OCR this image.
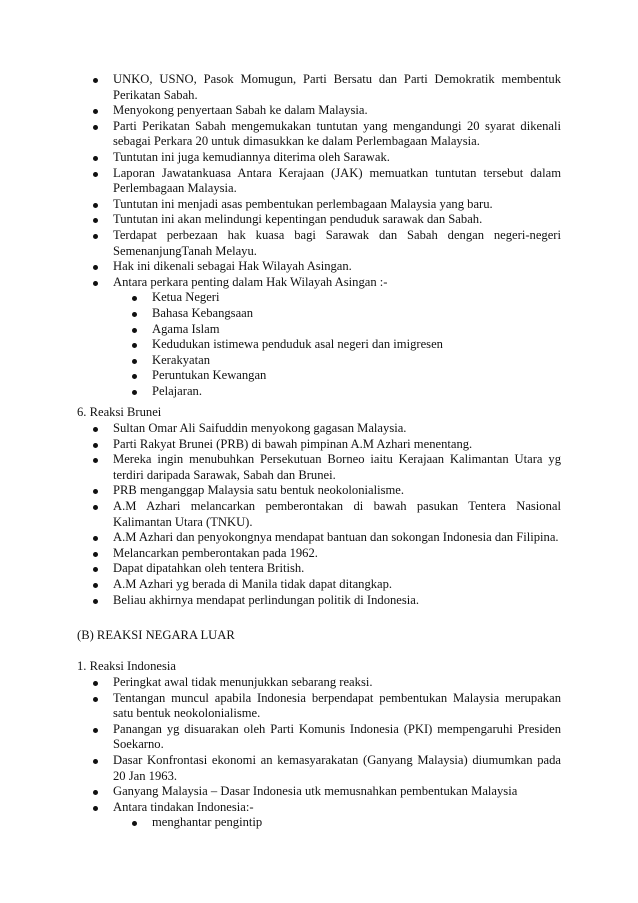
UNKO, USNO, Pasok Momugun, Parti Bersatu dan Parti Demokratik membentuk Perikatan Sabah.
Menyokong penyertaan Sabah ke dalam Malaysia.
Parti Perikatan Sabah mengemukakan tuntutan yang mengandungi 20 syarat dikenali sebagai Perkara 20 untuk dimasukkan ke dalam Perlembagaan Malaysia.
Tuntutan ini juga kemudiannya diterima oleh Sarawak.
Laporan Jawatankuasa Antara Kerajaan (JAK) memuatkan tuntutan tersebut dalam Perlembagaan Malaysia.
Tuntutan ini menjadi asas pembentukan perlembagaan Malaysia yang baru.
Tuntutan ini akan melindungi kepentingan penduduk sarawak dan Sabah.
Terdapat perbezaan hak kuasa bagi Sarawak dan Sabah dengan negeri-negeri SemenanjungTanah Melayu.
Hak ini dikenali sebagai Hak Wilayah Asingan.
Antara perkara penting dalam Hak Wilayah Asingan :-
Ketua Negeri
Bahasa Kebangsaan
Agama Islam
Kedudukan istimewa penduduk asal negeri dan imigresen
Kerakyatan
Peruntukan Kewangan
Pelajaran.
6. Reaksi Brunei
Sultan Omar Ali Saifuddin menyokong gagasan Malaysia.
Parti Rakyat Brunei (PRB) di bawah pimpinan A.M Azhari menentang.
Mereka ingin menubuhkan Persekutuan Borneo iaitu Kerajaan Kalimantan Utara yg terdiri daripada Sarawak, Sabah dan Brunei.
PRB menganggap Malaysia satu bentuk neokolonialisme.
A.M Azhari melancarkan pemberontakan di bawah pasukan Tentera Nasional Kalimantan Utara (TNKU).
A.M Azhari dan penyokongnya mendapat bantuan dan sokongan Indonesia dan Filipina.
Melancarkan pemberontakan pada 1962.
Dapat dipatahkan oleh tentera British.
A.M Azhari yg berada di Manila tidak dapat ditangkap.
Beliau akhirnya mendapat perlindungan politik di Indonesia.
(B) REAKSI NEGARA LUAR
1. Reaksi Indonesia
Peringkat awal tidak menunjukkan sebarang reaksi.
Tentangan muncul apabila Indonesia berpendapat pembentukan Malaysia merupakan satu bentuk neokolonialisme.
Panangan yg disuarakan oleh Parti Komunis Indonesia (PKI) mempengaruhi Presiden Soekarno.
Dasar Konfrontasi ekonomi an kemasyarakatan (Ganyang Malaysia) diumumkan pada 20 Jan 1963.
Ganyang Malaysia – Dasar Indonesia utk memusnahkan pembentukan Malaysia
Antara tindakan Indonesia:-
menghantar pengintip
